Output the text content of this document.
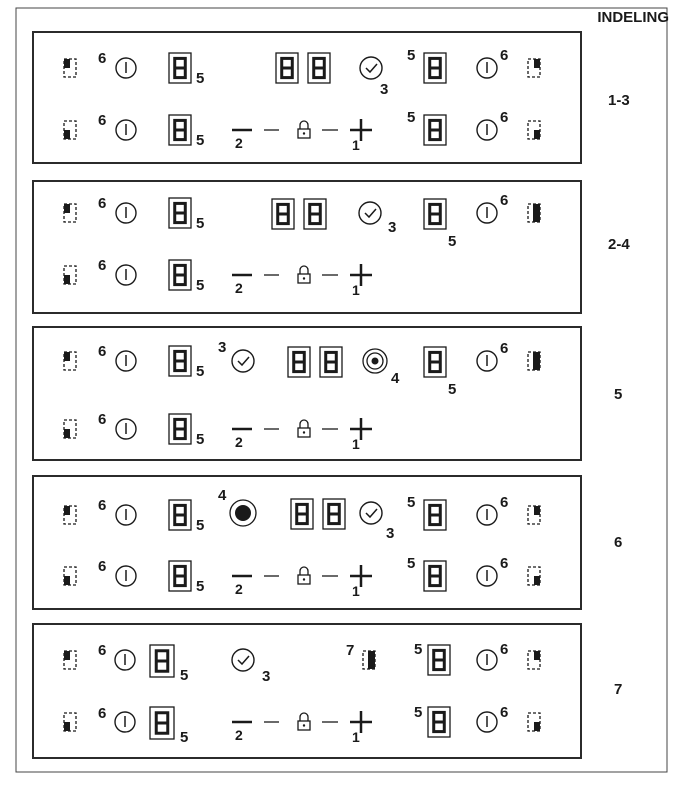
INDELING
6
5
3
5	6
6
5 2	1
5	6
6
5	3
5
6
6
5 2	1
6
5
3
4
5
6
6
5 2	1
6
5
4
3
5	6
6
5 2	1
5	6
6
5	3
7	5	6
6
5	2	1
5	6
1-3
2-4
5
6
7
